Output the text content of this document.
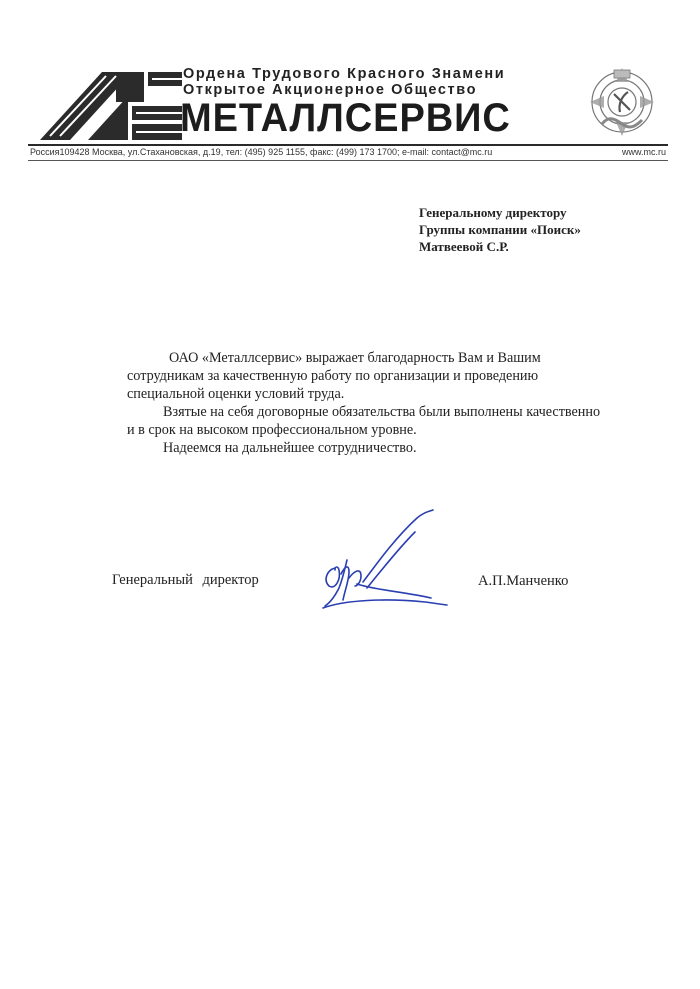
Ордена Трудового Красного Знамени
Открытое Акционерное Общество
МЕТАЛЛСЕРВИС
Россия109428 Москва, ул.Стахановская, д.19, тел: (495) 925 1155, факс: (499) 173 1700; e-mail: contact@mc.ru	www.mc.ru
Генеральному директору
Группы компании «Поиск»
Матвеевой С.Р.

ОАО «Металлсервис» выражает благодарность Вам и Вашим сотрудникам за качественную работу по организации и проведению специальной оценки условий труда.

Взятые на себя договорные обязательства были выполнены качественно и в срок на высоком профессиональном уровне.

Надеемся на дальнейшее сотрудничество.

Генеральный директор	А.П.Манченко
